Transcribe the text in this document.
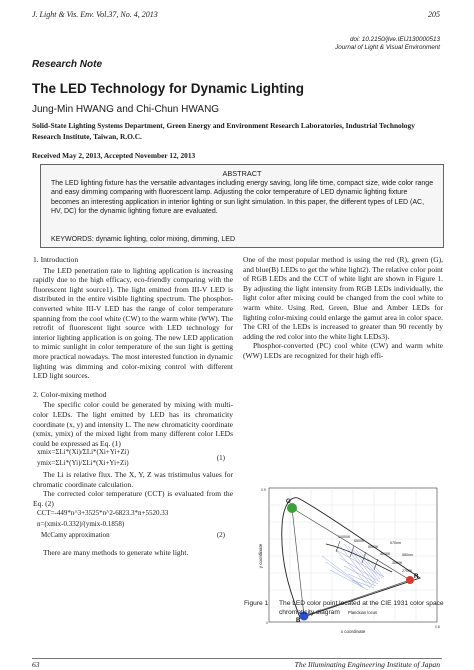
J. Light & Vis. Env. Vol.37, No. 4, 2013	205
doi: 10.2150/jlve.IEIJ130000513
Journal of Light & Visual Environment
Research Note
The LED Technology for Dynamic Lighting
Jung-Min HWANG and Chi-Chun HWANG
Solid-State Lighting Systems Department, Green Energy and Environment Research Laboratories, Industrial Technology Research Institute, Taiwan, R.O.C.
Received May 2, 2013, Accepted November 12, 2013
ABSTRACT
The LED lighting fixture has the versatile advantages including energy saving, long life time, compact size, wide color range and easy dimming comparing with fluorescent lamp. Adjusting the color temperature of LED dynamic lighting fixture becomes an interesting application in interior lighting or sun light simulation. In this paper, the different types of LED (AC, HV, DC) for the dynamic lighting fixture are evaluated.
KEYWORDS: dynamic lighting, color mixing, dimming, LED
1. Introduction

The LED penetration rate to lighting application is increasing rapidly due to the high efficacy, eco-friendly comparing with the fluorescent light source1). The light emitted from III-V LED is distributed in the entire visible lighting spectrum. The phosphor-converted white III-V LED has the range of color temperature spanning from the cool white (CW) to the warm white (WW). The retrofit of fluorescent light source with LED technology for interior lighting application is on going. The new LED application to mimic sunlight in color temperature of the sun light is getting more practical nowadays. The most interested function in dynamic lighting was dimming and color-mixing control with different LED light sources.

2. Color-mixing method

The specific color could be generated by mixing with multi-color LEDs. The light emitted by LED has its chromaticity coordinate (x, y) and intensity L. The new chromaticity coordinate (xmix, ymix) of the mixed light from many different color LEDs could be expressed as Eq. (1)

xmix=ΣLi*(Xi)/ΣLi*(Xi+Yi+Zi)
ymix=ΣLi*(Yi)/ΣLi*(Xi+Yi+Zi)
(1)

The Li is relative flux. The X, Y, Z was tristimulus values for chromatic coordinate calculation.

The corrected color temperature (CCT) is evaluated from the Eq. (2)

CCT=-449*n^3+3525*n^2-6823.3*n+5520.33
n=(xmix-0.332)/(ymix-0.1858)
McCamy approximation	(2)

There are many methods to generate white light.

One of the most popular method is using the red (R), green (G), and blue(B) LEDs to get the white light2). The relative color point of RGB LEDs and the CCT of white light are shown in Figure 1. By adjusting the light intensity from RGB LEDs individually, the light color after mixing could be changed from the cool white to warm white. Using Red, Green, Blue and Amber LEDs for lighting color-mixing could enlarge the gamut area in color space. The CRI of the LEDs is increased to greater than 90 recently by adding the red color into the white light LEDs3).

Phosphor-converted (PC) cool white (CW) and warm white (WW) LEDs are recognized for their high effi-

10000K
6500K
5000K
4000K
3000K
2700K
570nm
580nm
G
R
B
Planckian locus
0
0.9
0.8
x coordinate
y coordinate
Figure 1 The LED color point located at the CIE 1931 color space chromaticity diagram
63	The Illuminating Engineering Institute of Japan
